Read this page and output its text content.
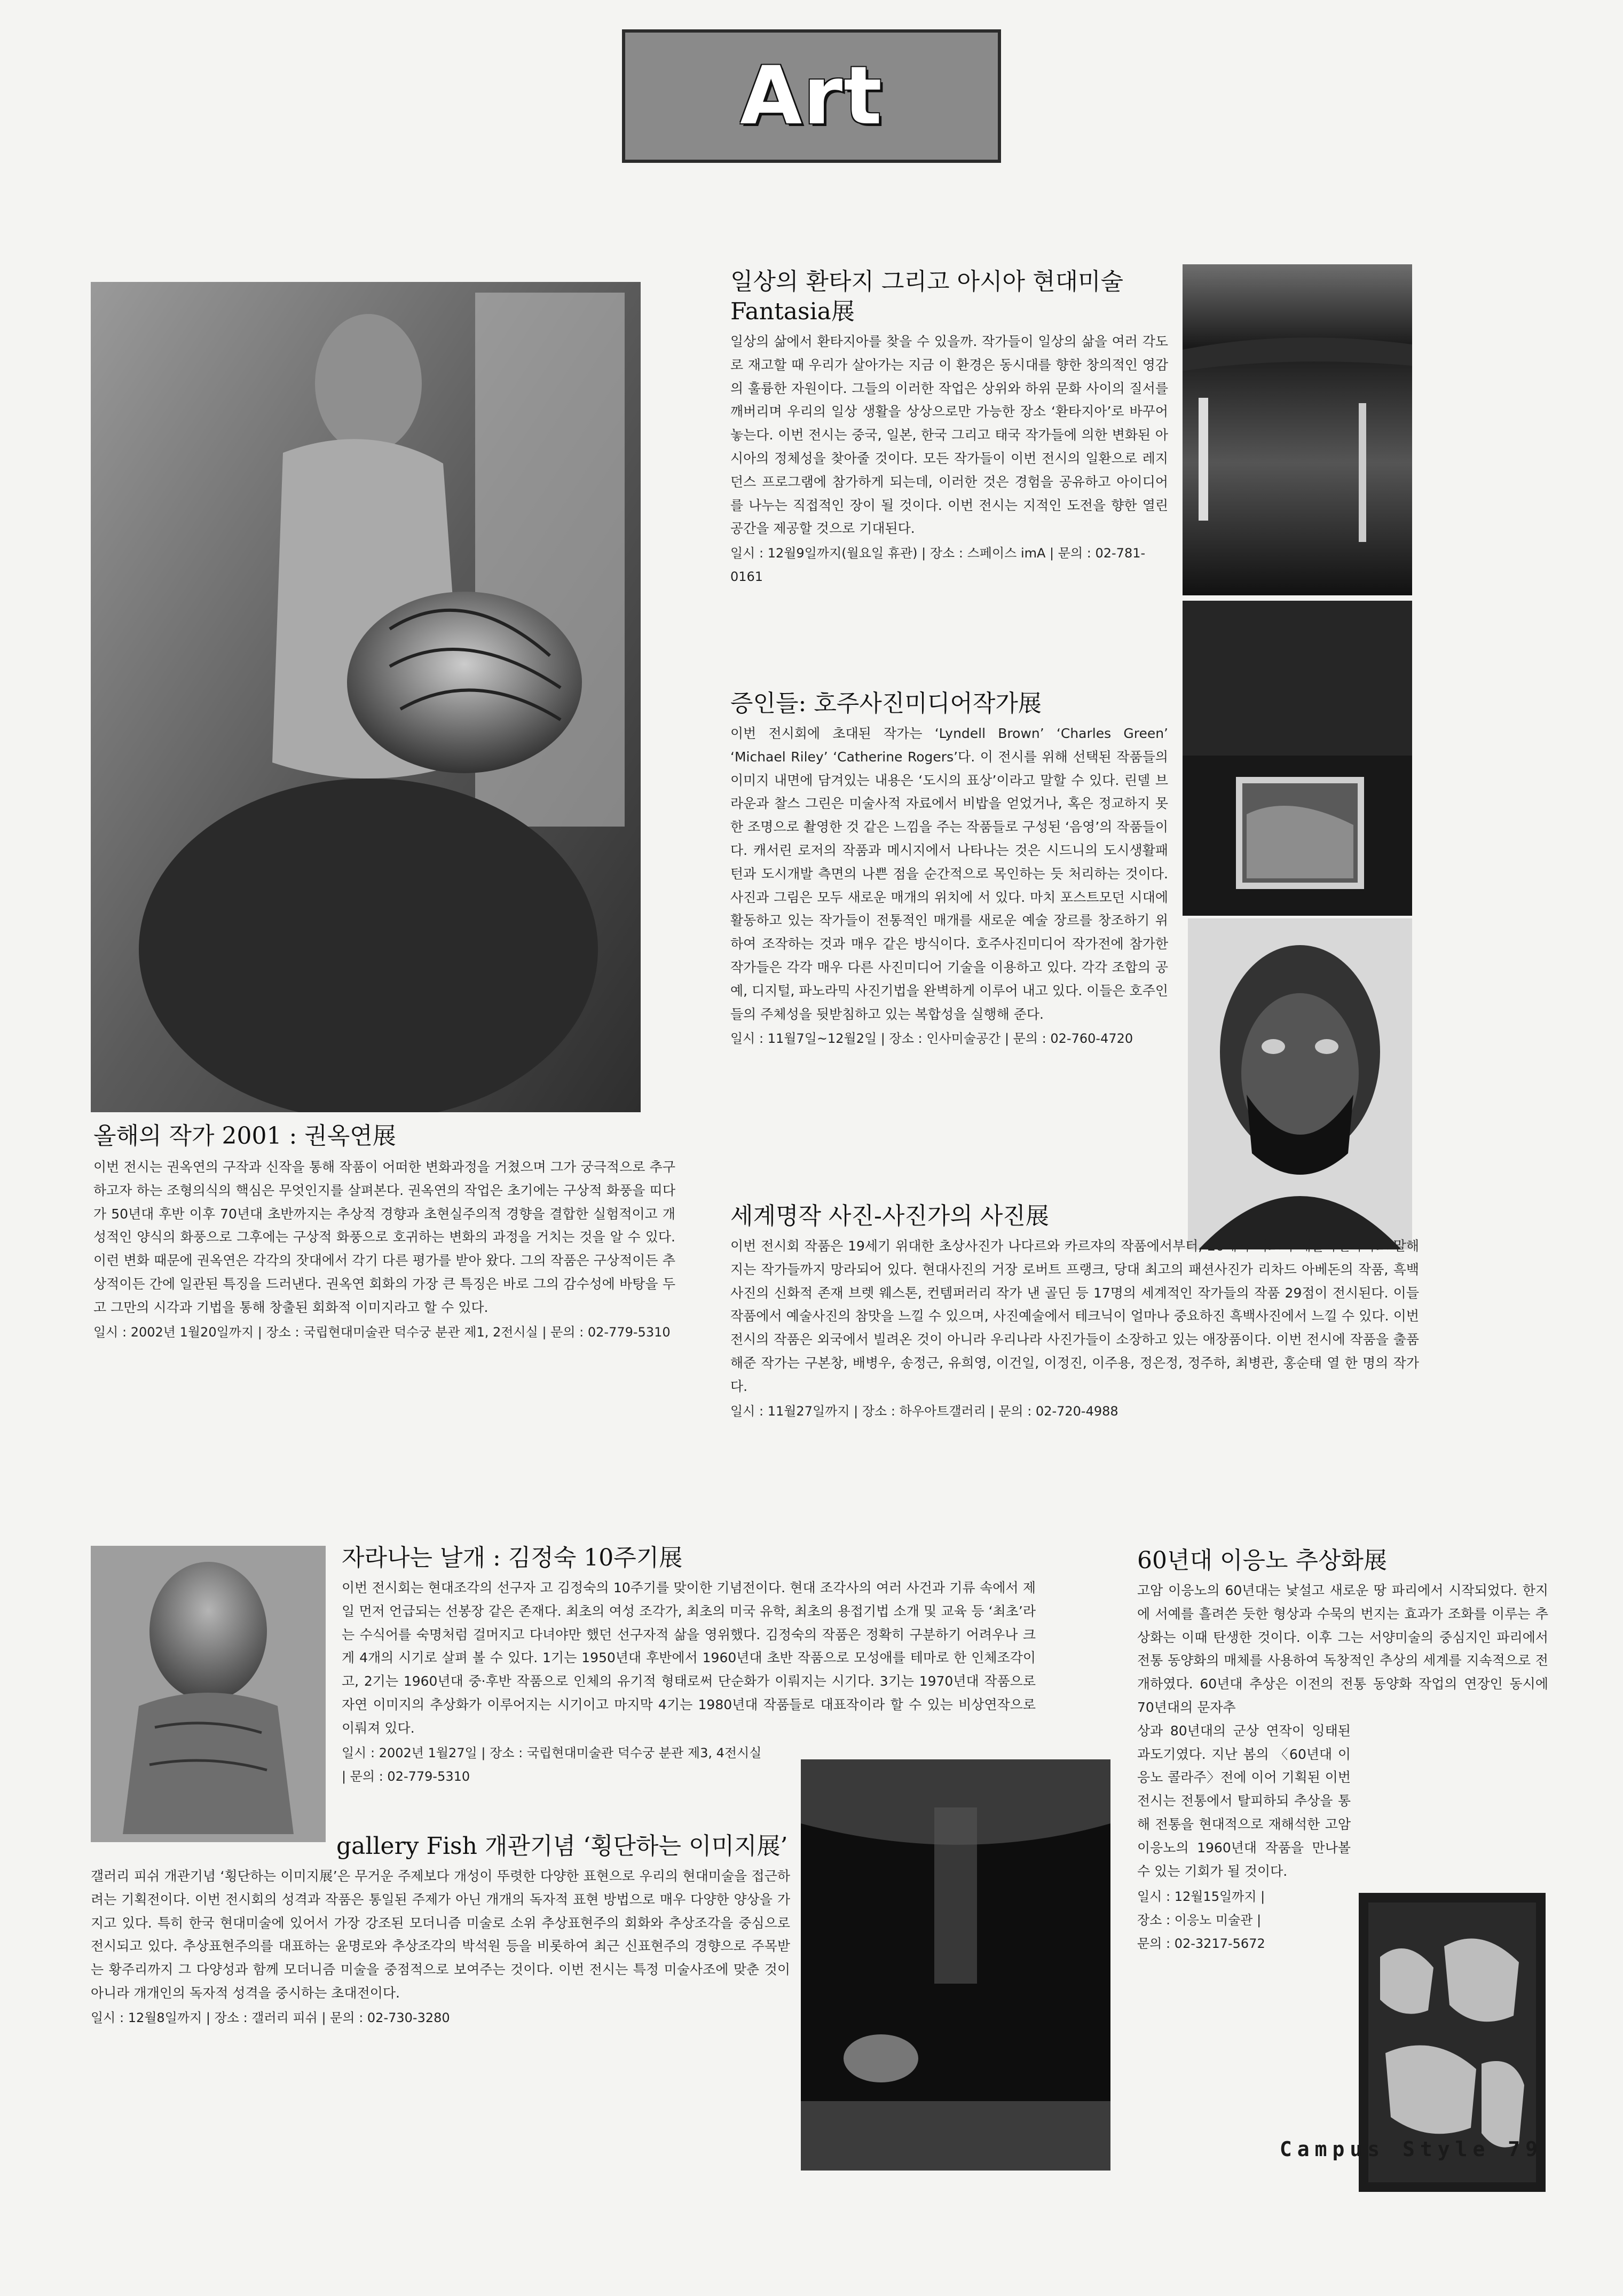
Art

올해의 작가 2001 : 권옥연展

이번 전시는 권옥연의 구작과 신작을 통해 작품이 어떠한 변화과정을 거쳤으며 그가 궁극적으로 추구하고자 하는 조형의식의 핵심은 무엇인지를 살펴본다. 권옥연의 작업은 초기에는 구상적 화풍을 띠다가 50년대 후반 이후 70년대 초반까지는 추상적 경향과 초현실주의적 경향을 결합한 실험적이고 개성적인 양식의 화풍으로 그후에는 구상적 화풍으로 호귀하는 변화의 과정을 거치는 것을 알 수 있다. 이런 변화 때문에 권옥연은 각각의 잣대에서 각기 다른 평가를 받아 왔다. 그의 작품은 구상적이든 추상적이든 간에 일관된 특징을 드러낸다. 권옥연 회화의 가장 큰 특징은 바로 그의 감수성에 바탕을 두고 그만의 시각과 기법을 통해 창출된 회화적 이미지라고 할 수 있다.

일시 : 2002년 1월20일까지 | 장소 : 국립현대미술관 덕수궁 분관 제1, 2전시실 | 문의 : 02-779-5310

일상의 환타지 그리고 아시아 현대미술 Fantasia展

일상의 삶에서 환타지아를 찾을 수 있을까. 작가들이 일상의 삶을 여러 각도로 재고할 때 우리가 살아가는 지금 이 환경은 동시대를 향한 창의적인 영감의 훌륭한 자원이다. 그들의 이러한 작업은 상위와 하위 문화 사이의 질서를 깨버리며 우리의 일상 생활을 상상으로만 가능한 장소 ‘환타지아’로 바꾸어 놓는다. 이번 전시는 중국, 일본, 한국 그리고 태국 작가들에 의한 변화된 아시아의 정체성을 찾아줄 것이다. 모든 작가들이 이번 전시의 일환으로 레지던스 프로그램에 참가하게 되는데, 이러한 것은 경험을 공유하고 아이디어를 나누는 직접적인 장이 될 것이다. 이번 전시는 지적인 도전을 향한 열린 공간을 제공할 것으로 기대된다.

일시 : 12월9일까지(월요일 휴관) | 장소 : 스페이스 imA | 문의 : 02-781-0161

증인들: 호주사진미디어작가展

이번 전시회에 초대된 작가는 ‘Lyndell Brown’ ‘Charles Green’ ‘Michael Riley’ ‘Catherine Rogers’다. 이 전시를 위해 선택된 작품들의 이미지 내면에 담겨있는 내용은 ‘도시의 표상’이라고 말할 수 있다. 린델 브라운과 찰스 그린은 미술사적 자료에서 비밥을 얻었거나, 혹은 정교하지 못한 조명으로 촬영한 것 같은 느낌을 주는 작품들로 구성된 ‘음영’의 작품들이다. 캐서린 로저의 작품과 메시지에서 나타나는 것은 시드니의 도시생활패턴과 도시개발 측면의 나쁜 점을 순간적으로 목인하는 듯 처리하는 것이다. 사진과 그림은 모두 새로운 매개의 위치에 서 있다. 마치 포스트모던 시대에 활동하고 있는 작가들이 전통적인 매개를 새로운 예술 장르를 창조하기 위하여 조작하는 것과 매우 같은 방식이다. 호주사진미디어 작가전에 참가한 작가들은 각각 매우 다른 사진미디어 기술을 이용하고 있다. 각각 조합의 공예, 디지털, 파노라믹 사진기법을 완벽하게 이루어 내고 있다. 이들은 호주인들의 주체성을 뒷받침하고 있는 복합성을 실행해 준다.

일시 : 11월7일~12월2일 | 장소 : 인사미술공간 | 문의 : 02-760-4720

세계명작 사진-사진가의 사진展

이번 전시회 작품은 19세기 위대한 초상사진가 나다르와 카르쟈의 작품에서부터, 20세기 최고의 예술사진가라고 말해지는 작가들까지 망라되어 있다. 현대사진의 거장 로버트 프랭크, 당대 최고의 패션사진가 리차드 아베돈의 작품, 흑백사진의 신화적 존재 브렛 웨스톤, 컨템퍼러리 작가 낸 골딘 등 17명의 세계적인 작가들의 작품 29점이 전시된다. 이들 작품에서 예술사진의 참맛을 느낄 수 있으며, 사진예술에서 테크닉이 얼마나 중요하진 흑백사진에서 느낄 수 있다. 이번 전시의 작품은 외국에서 빌려온 것이 아니라 우리나라 사진가들이 소장하고 있는 애장품이다. 이번 전시에 작품을 출품해준 작가는 구본창, 배병우, 송정근, 유희영, 이건일, 이정진, 이주용, 정은정, 정주하, 최병관, 홍순태 열 한 명의 작가다.

일시 : 11월27일까지 | 장소 : 하우아트갤러리 | 문의 : 02-720-4988

자라나는 날개 : 김정숙 10주기展

이번 전시회는 현대조각의 선구자 고 김정숙의 10주기를 맞이한 기념전이다. 현대 조각사의 여러 사건과 기류 속에서 제일 먼저 언급되는 선봉장 같은 존재다. 최초의 여성 조각가, 최초의 미국 유학, 최초의 용접기법 소개 및 교육 등 ‘최초’라는 수식어를 숙명처럼 걸머지고 다녀야만 했던 선구자적 삶을 영위했다. 김정숙의 작품은 정확히 구분하기 어려우나 크게 4개의 시기로 살펴 볼 수 있다. 1기는 1950년대 후반에서 1960년대 초반 작품으로 모성애를 테마로 한 인체조각이고, 2기는 1960년대 중·후반 작품으로 인체의 유기적 형태로써 단순화가 이뤄지는 시기다. 3기는 1970년대 작품으로 자연 이미지의 추상화가 이루어지는 시기이고 마지막 4기는 1980년대 작품들로 대표작이라 할 수 있는 비상연작으로 이뤄져 있다.

일시 : 2002년 1월27일 | 장소 : 국립현대미술관 덕수궁 분관 제3, 4전시실 | 문의 : 02-779-5310

gallery Fish 개관기념 ‘횡단하는 이미지展’

갤러리 피쉬 개관기념 ‘횡단하는 이미지展’은 무거운 주제보다 개성이 뚜렷한 다양한 표현으로 우리의 현대미술을 접근하려는 기획전이다. 이번 전시회의 성격과 작품은 통일된 주제가 아닌 개개의 독자적 표현 방법으로 매우 다양한 양상을 가지고 있다. 특히 한국 현대미술에 있어서 가장 강조된 모더니즘 미술로 소위 추상표현주의 회화와 추상조각을 중심으로 전시되고 있다. 추상표현주의를 대표하는 윤명로와 추상조각의 박석원 등을 비롯하여 최근 신표현주의 경향으로 주목받는 황주리까지 그 다양성과 함께 모더니즘 미술을 중점적으로 보여주는 것이다. 이번 전시는 특정 미술사조에 맞춘 것이 아니라 개개인의 독자적 성격을 중시하는 초대전이다.

일시 : 12월8일까지 | 장소 : 갤러리 피쉬 | 문의 : 02-730-3280

60년대 이응노 추상화展

고암 이응노의 60년대는 낯설고 새로운 땅 파리에서 시작되었다. 한지에 서예를 흘려쓴 듯한 형상과 수묵의 번지는 효과가 조화를 이루는 추상화는 이때 탄생한 것이다. 이후 그는 서양미술의 중심지인 파리에서 전통 동양화의 매체를 사용하여 독창적인 추상의 세계를 지속적으로 전개하였다. 60년대 추상은 이전의 전통 동양화 작업의 연장인 동시에 70년대의 문자추

상과 80년대의 군상 연작이 잉태된 과도기였다. 지난 봄의 〈60년대 이응노 콜라주〉전에 이어 기획된 이번 전시는 전통에서 탈피하되 추상을 통해 전통을 현대적으로 재해석한 고암 이응노의 1960년대 작품을 만나볼 수 있는 기회가 될 것이다.

일시 : 12월15일까지 |

장소 : 이응노 미술관 |

문의 : 02-3217-5672

Campus Style 79
